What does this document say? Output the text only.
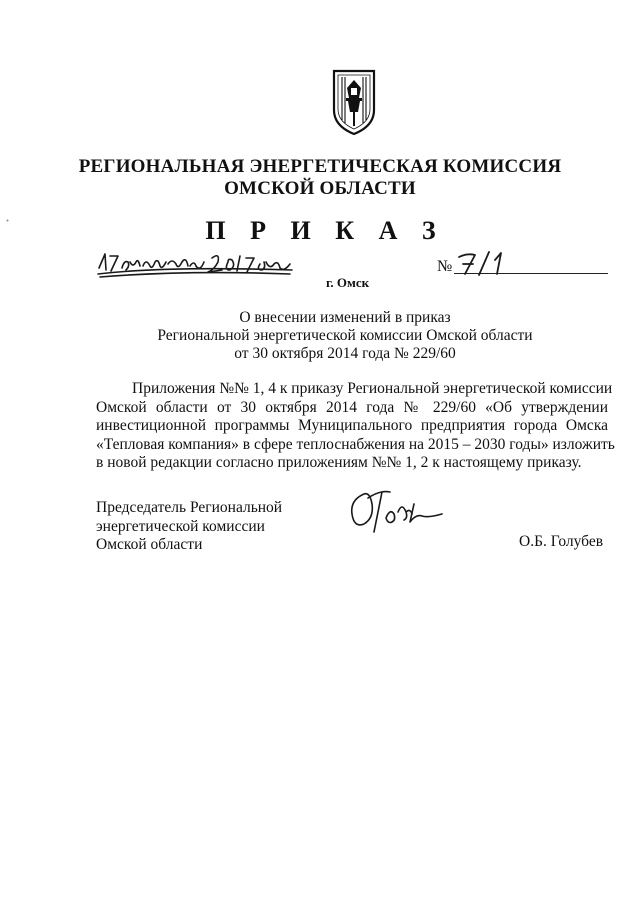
РЕГИОНАЛЬНАЯ ЭНЕРГЕТИЧЕСКАЯ КОМИССИЯ
ОМСКОЙ ОБЛАСТИ
П Р И К А З
г. Омск
№
О внесении изменений в приказ
Региональной энергетической комиссии Омской области
от 30 октября 2014 года № 229/60
Приложения №№ 1, 4 к приказу Региональной энергетической комиссии
Омской области от 30 октября 2014 года № 229/60 «Об утверждении
инвестиционной программы Муниципального предприятия города Омска
«Тепловая компания» в сфере теплоснабжения на 2015 – 2030 годы» изложить
в новой редакции согласно приложениям №№ 1, 2 к настоящему приказу.
Председатель Региональной
энергетической комиссии
Омской области	О.Б. Голубев
